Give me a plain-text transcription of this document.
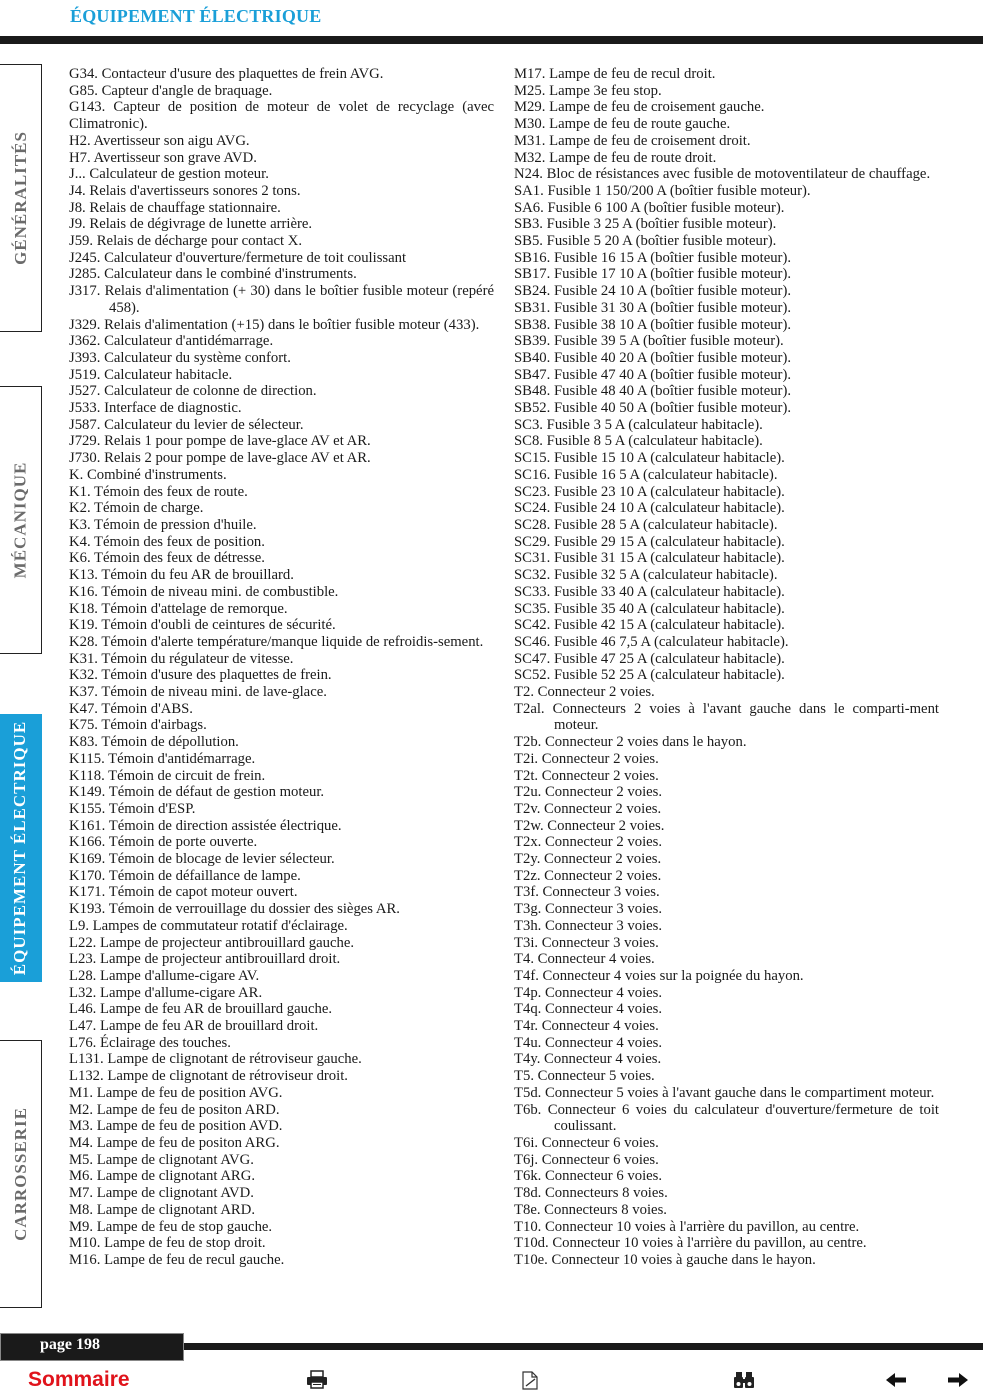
ÉQUIPEMENT ÉLECTRIQUE
GÉNÉRALITÉS
MÉCANIQUE
ÉQUIPEMENT ÉLECTRIQUE
CARROSSERIE
G34. Contacteur d'usure des plaquettes de frein AVG.
G85. Capteur d'angle de braquage.
G143. Capteur de position de moteur de volet de recyclage (avec Climatronic).
H2. Avertisseur son aigu AVG.
H7. Avertisseur son grave AVD.
J... Calculateur de gestion moteur.
J4. Relais d'avertisseurs sonores 2 tons.
J8. Relais de chauffage stationnaire.
J9. Relais de dégivrage de lunette arrière.
J59. Relais de décharge pour contact X.
J245. Calculateur d'ouverture/fermeture de toit coulissant
J285. Calculateur dans le combiné d'instruments.
J317. Relais d'alimentation (+ 30) dans le boîtier fusible moteur (repéré 458).
J329. Relais d'alimentation (+15) dans le boîtier fusible moteur (433).
J362. Calculateur d'antidémarrage.
J393. Calculateur du système confort.
J519. Calculateur habitacle.
J527. Calculateur de colonne de direction.
J533. Interface de diagnostic.
J587. Calculateur du levier de sélecteur.
J729. Relais 1 pour pompe de lave-glace AV et AR.
J730. Relais 2 pour pompe de lave-glace AV et AR.
K. Combiné d'instruments.
K1. Témoin des feux de route.
K2. Témoin de charge.
K3. Témoin de pression d'huile.
K4. Témoin des feux de position.
K6. Témoin des feux de détresse.
K13. Témoin du feu AR de brouillard.
K16. Témoin de niveau mini. de combustible.
K18. Témoin d'attelage de remorque.
K19. Témoin d'oubli de ceintures de sécurité.
K28. Témoin d'alerte température/manque liquide de refroidis-sement.
K31. Témoin du régulateur de vitesse.
K32. Témoin d'usure des plaquettes de frein.
K37. Témoin de niveau mini. de lave-glace.
K47. Témoin d'ABS.
K75. Témoin d'airbags.
K83. Témoin de dépollution.
K115. Témoin d'antidémarrage.
K118. Témoin de circuit de frein.
K149. Témoin de défaut de gestion moteur.
K155. Témoin d'ESP.
K161. Témoin de direction assistée électrique.
K166. Témoin de porte ouverte.
K169. Témoin de blocage de levier sélecteur.
K170. Témoin de défaillance de lampe.
K171. Témoin de capot moteur ouvert.
K193. Témoin de verrouillage du dossier des sièges AR.
L9. Lampes de commutateur rotatif d'éclairage.
L22. Lampe de projecteur antibrouillard gauche.
L23. Lampe de projecteur antibrouillard droit.
L28. Lampe d'allume-cigare AV.
L32. Lampe d'allume-cigare AR.
L46. Lampe de feu AR de brouillard gauche.
L47. Lampe de feu AR de brouillard droit.
L76. Éclairage des touches.
L131. Lampe de clignotant de rétroviseur gauche.
L132. Lampe de clignotant de rétroviseur droit.
M1. Lampe de feu de position AVG.
M2. Lampe de feu de positon ARD.
M3. Lampe de feu de position AVD.
M4. Lampe de feu de positon ARG.
M5. Lampe de clignotant AVG.
M6. Lampe de clignotant ARG.
M7. Lampe de clignotant AVD.
M8. Lampe de clignotant ARD.
M9. Lampe de feu de stop gauche.
M10. Lampe de feu de stop droit.
M16. Lampe de feu de recul gauche.
M17. Lampe de feu de recul droit.
M25. Lampe 3e feu stop.
M29. Lampe de feu de croisement gauche.
M30. Lampe de feu de route gauche.
M31. Lampe de feu de croisement droit.
M32. Lampe de feu de route droit.
N24. Bloc de résistances avec fusible de motoventilateur de chauffage.
SA1. Fusible 1 150/200 A (boîtier fusible moteur).
SA6. Fusible 6 100 A (boîtier fusible moteur).
SB3. Fusible 3 25 A (boîtier fusible moteur).
SB5. Fusible 5 20 A (boîtier fusible moteur).
SB16. Fusible 16 15 A (boîtier fusible moteur).
SB17. Fusible 17 10 A (boîtier fusible moteur).
SB24. Fusible 24 10 A (boîtier fusible moteur).
SB31. Fusible 31 30 A (boîtier fusible moteur).
SB38. Fusible 38 10 A (boîtier fusible moteur).
SB39. Fusible 39 5 A (boîtier fusible moteur).
SB40. Fusible 40 20 A (boîtier fusible moteur).
SB47. Fusible 47 40 A (boîtier fusible moteur).
SB48. Fusible 48 40 A (boîtier fusible moteur).
SB52. Fusible 40 50 A (boîtier fusible moteur).
SC3. Fusible 3 5 A (calculateur habitacle).
SC8. Fusible 8 5 A (calculateur habitacle).
SC15. Fusible 15 10 A (calculateur habitacle).
SC16. Fusible 16 5 A (calculateur habitacle).
SC23. Fusible 23 10 A (calculateur habitacle).
SC24. Fusible 24 10 A (calculateur habitacle).
SC28. Fusible 28 5 A (calculateur habitacle).
SC29. Fusible 29 15 A (calculateur habitacle).
SC31. Fusible 31 15 A (calculateur habitacle).
SC32. Fusible 32 5 A (calculateur habitacle).
SC33. Fusible 33 40 A (calculateur habitacle).
SC35. Fusible 35 40 A (calculateur habitacle).
SC42. Fusible 42 15 A (calculateur habitacle).
SC46. Fusible 46 7,5 A (calculateur habitacle).
SC47. Fusible 47 25 A (calculateur habitacle).
SC52. Fusible 52 25 A (calculateur habitacle).
T2. Connecteur 2 voies.
T2al. Connecteurs 2 voies à l'avant gauche dans le comparti-ment moteur.
T2b. Connecteur 2 voies dans le hayon.
T2i. Connecteur 2 voies.
T2t. Connecteur 2 voies.
T2u. Connecteur 2 voies.
T2v. Connecteur 2 voies.
T2w. Connecteur 2 voies.
T2x. Connecteur 2 voies.
T2y. Connecteur 2 voies.
T2z. Connecteur 2 voies.
T3f. Connecteur 3 voies.
T3g. Connecteur 3 voies.
T3h. Connecteur 3 voies.
T3i. Connecteur 3 voies.
T4. Connecteur 4 voies.
T4f. Connecteur 4 voies sur la poignée du hayon.
T4p. Connecteur 4 voies.
T4q. Connecteur 4 voies.
T4r. Connecteur 4 voies.
T4u. Connecteur 4 voies.
T4y. Connecteur 4 voies.
T5. Connecteur 5 voies.
T5d. Connecteur 5 voies à l'avant gauche dans le compartiment moteur.
T6b. Connecteur 6 voies du calculateur d'ouverture/fermeture de toit coulissant.
T6i. Connecteur 6 voies.
T6j. Connecteur 6 voies.
T6k. Connecteur 6 voies.
T8d. Connecteurs 8 voies.
T8e. Connecteurs 8 voies.
T10. Connecteur 10 voies à l'arrière du pavillon, au centre.
T10d. Connecteur 10 voies à l'arrière du pavillon, au centre.
T10e. Connecteur 10 voies à gauche dans le hayon.
page 198
Sommaire
